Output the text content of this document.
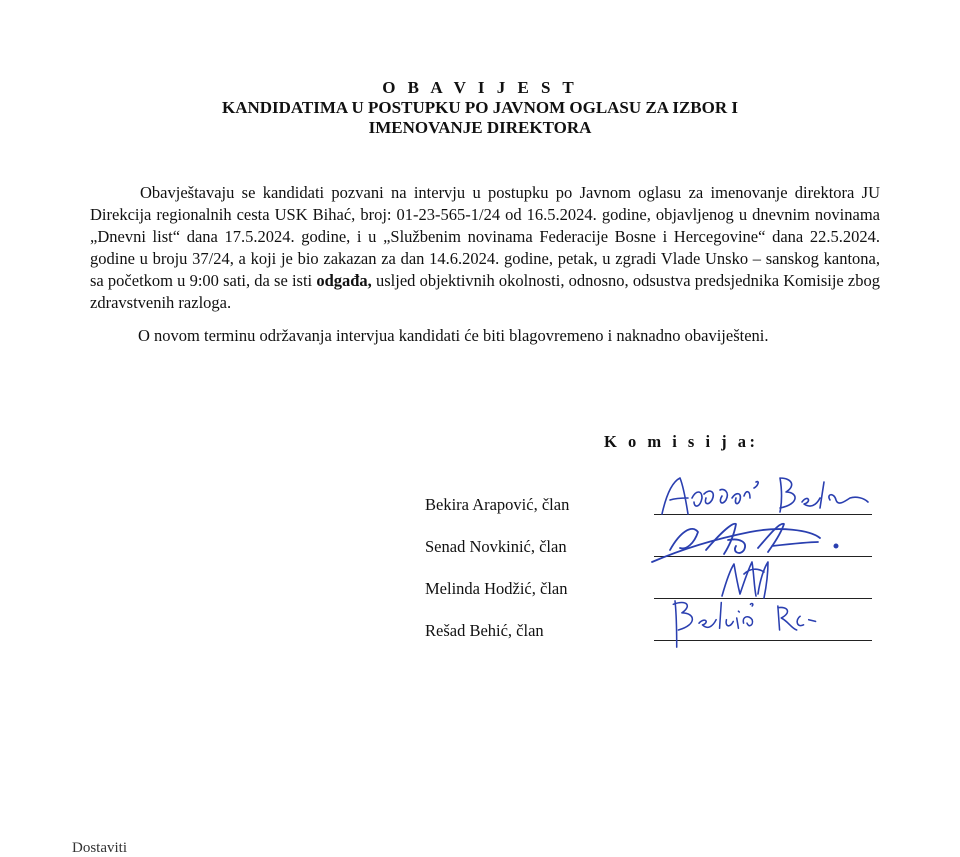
O B A V I J E S T
KANDIDATIMA U POSTUPKU PO JAVNOM OGLASU ZA IZBOR I
IMENOVANJE DIREKTORA
Obavještavaju se kandidati pozvani na intervju u postupku po Javnom oglasu za imenovanje direktora JU Direkcija regionalnih cesta USK Bihać, broj: 01-23-565-1/24 od 16.5.2024. godine, objavljenog u dnevnim novinama „Dnevni list“ dana 17.5.2024. godine, i u „Službenim novinama Federacije Bosne i Hercegovine“ dana 22.5.2024. godine u broju 37/24, a koji je bio zakazan za dan 14.6.2024. godine, petak, u zgradi Vlade Unsko – sanskog kantona, sa početkom u 9:00 sati, da se isti odgađa, usljed objektivnih okolnosti, odnosno, odsustva predsjednika Komisije zbog zdravstvenih razloga.
O novom terminu održavanja intervjua kandidati će biti blagovremeno i naknadno obaviješteni.
K o m i s i j a:
Bekira Arapović, član
Senad Novkinić, član
Melinda Hodžić, član
Rešad Behić, član
Dostaviti
